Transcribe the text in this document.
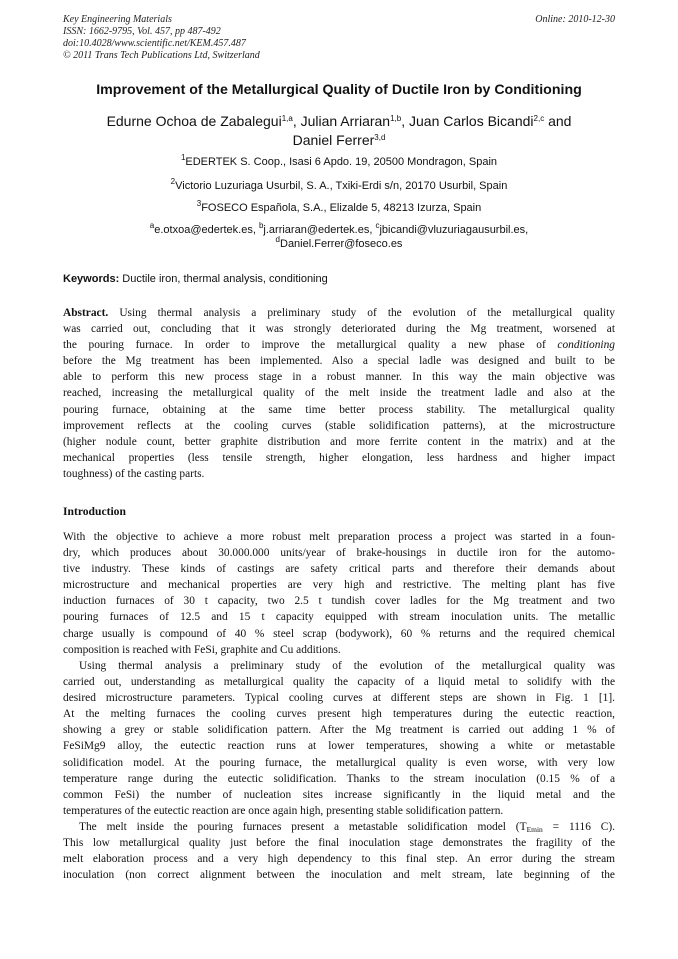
Key Engineering Materials
ISSN: 1662-9795, Vol. 457, pp 487-492
doi:10.4028/www.scientific.net/KEM.457.487
© 2011 Trans Tech Publications Ltd, Switzerland
Online: 2010-12-30
Improvement of the Metallurgical Quality of Ductile Iron by Conditioning
Edurne Ochoa de Zabalegui$^{1,a}$, Julian Arriaran$^{1,b}$, Juan Carlos Bicandi$^{2,c}$ and
Daniel Ferrer$^{3,d}$
$^1$EDERTEK S. Coop., Isasi 6 Apdo. 19, 20500 Mondragon, Spain
$^2$Victorio Luzuriaga Usurbil, S. A., Txiki-Erdi s/n, 20170 Usurbil, Spain
$^3$FOSECO Española, S.A., Elizalde 5, 48213 Izurza, Spain
$^a$e.otxoa@edertek.es, $^b$j.arriaran@edertek.es, $^c$jbicandi@vluzuriagausurbil.es,
$^d$Daniel.Ferrer@foseco.es
Keywords: Ductile iron, thermal analysis, conditioning
Abstract. Using thermal analysis a preliminary study of the evolution of the metallurgical quality
was carried out, concluding that it was strongly deteriorated during the Mg treatment, worsened at
the pouring furnace. In order to improve the metallurgical quality a new phase of conditioning
before the Mg treatment has been implemented. Also a special ladle was designed and built to be
able to perform this new process stage in a robust manner. In this way the main objective was
reached, increasing the metallurgical quality of the melt inside the treatment ladle and also at the
pouring furnace, obtaining at the same time better process stability. The metallurgical quality
improvement reflects at the cooling curves (stable solidification patterns), at the microstructure
(higher nodule count, better graphite distribution and more ferrite content in the matrix) and at the
mechanical properties (less tensile strength, higher elongation, less hardness and higher impact
toughness) of the casting parts.
Introduction
With the objective to achieve a more robust melt preparation process a project was started in a foun-
dry, which produces about 30.000.000 units/year of brake-housings in ductile iron for the automo-
tive industry. These kinds of castings are safety critical parts and therefore their demands about
microstructure and mechanical properties are very high and restrictive. The melting plant has five
induction furnaces of 30 t capacity, two 2.5 t tundish cover ladles for the Mg treatment and two
pouring furnaces of 12.5 and 15 t capacity equipped with stream inoculation units. The metallic
charge usually is compound of 40 % steel scrap (bodywork), 60 % returns and the required chemical
composition is reached with FeSi, graphite and Cu additions.
Using thermal analysis a preliminary study of the evolution of the metallurgical quality was
carried out, understanding as metallurgical quality the capacity of a liquid metal to solidify with the
desired microstructure parameters. Typical cooling curves at different steps are shown in Fig. 1 [1].
At the melting furnaces the cooling curves present high temperatures during the eutectic reaction,
showing a grey or stable solidification pattern. After the Mg treatment is carried out adding 1 % of
FeSiMg9 alloy, the eutectic reaction runs at lower temperatures, showing a white or metastable
solidification model. At the pouring furnace, the metallurgical quality is even worse, with very low
temperature range during the eutectic solidification. Thanks to the stream inoculation (0.15 % of a
common FeSi) the number of nucleation sites increase significantly in the liquid metal and the
temperatures of the eutectic reaction are once again high, presenting stable solidification pattern.
The melt inside the pouring furnaces present a metastable solidification model ($T_{Emin} = 1116$ C).
This low metallurgical quality just before the final inoculation stage demonstrates the fragility of the
melt elaboration process and a very high dependency to this final step. An error during the stream
inoculation (non correct alignment between the inoculation and melt stream, late beginning of the
